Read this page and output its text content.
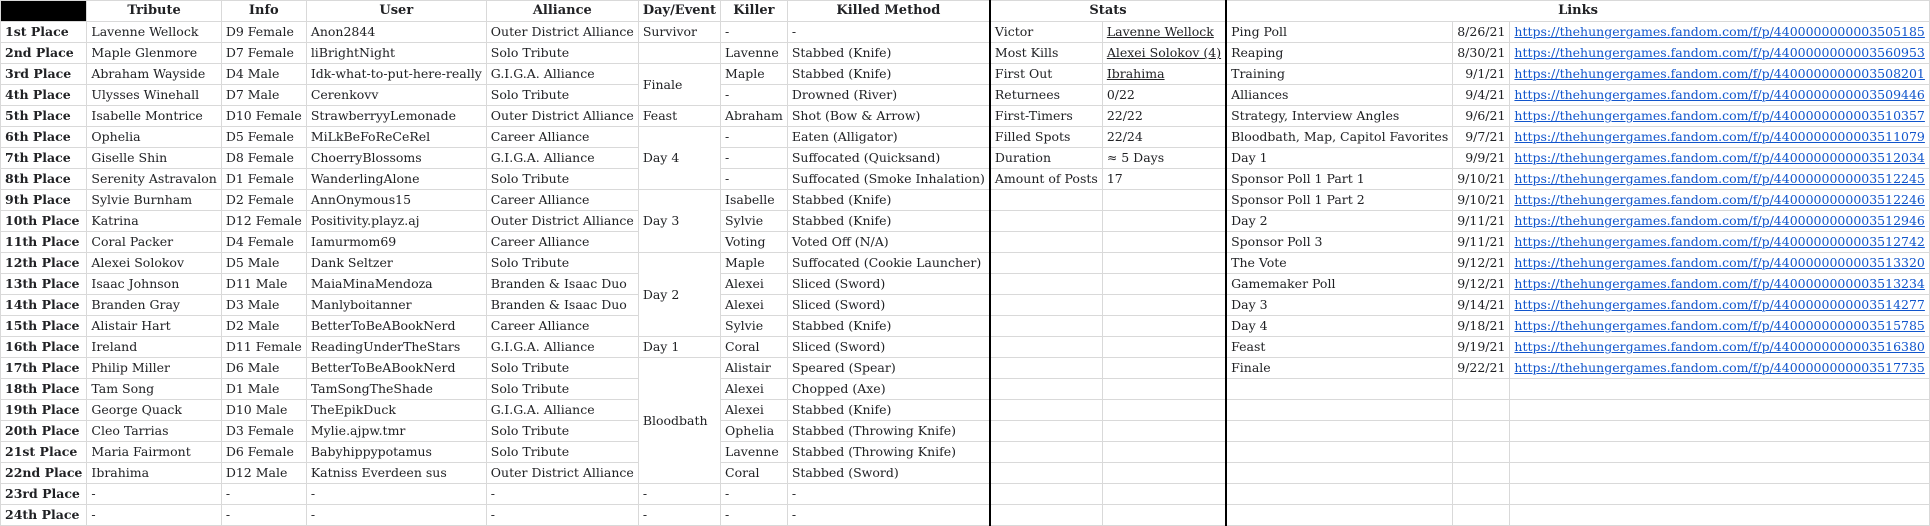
	Tribute	Info	User	Alliance	Day/Event	Killer	Killed Method	Stats		Links		
1st Place	Lavenne Wellock	D9 Female	Anon2844	Outer District Alliance	Survivor	-	-	Victor	Lavenne Wellock	Ping Poll	8/26/21	https://thehungergames.fandom.com/f/p/4400000000003505185
2nd Place	Maple Glenmore	D7 Female	liBrightNight	Solo Tribute		Lavenne	Stabbed (Knife)	Most Kills	Alexei Solokov (4)	Reaping	8/30/21	https://thehungergames.fandom.com/f/p/4400000000003560953
3rd Place	Abraham Wayside	D4 Male	Idk-what-to-put-here-really	G.I.G.A. Alliance	Finale	Maple	Stabbed (Knife)	First Out	Ibrahima	Training	9/1/21	https://thehungergames.fandom.com/f/p/4400000000003508201
4th Place	Ulysses Winehall	D7 Male	Cerenkovv	Solo Tribute		-	Drowned (River)	Returnees	0/22	Alliances	9/4/21	https://thehungergames.fandom.com/f/p/4400000000003509446
5th Place	Isabelle Montrice	D10 Female	StrawberryyLemonade	Outer District Alliance	Feast	Abraham	Shot (Bow & Arrow)	First-Timers	22/22	Strategy, Interview Angles	9/6/21	https://thehungergames.fandom.com/f/p/4400000000003510357
6th Place	Ophelia	D5 Female	MiLkBeFoReCeRel	Career Alliance	Day 4	-	Eaten (Alligator)	Filled Spots	22/24	Bloodbath, Map, Capitol Favorites	9/7/21	https://thehungergames.fandom.com/f/p/4400000000003511079
7th Place	Giselle Shin	D8 Female	ChoerryBlossoms	G.I.G.A. Alliance		-	Suffocated (Quicksand)	Duration	≈ 5 Days	Day 1	9/9/21	https://thehungergames.fandom.com/f/p/4400000000003512034
8th Place	Serenity Astravalon	D1 Female	WanderlingAlone	Solo Tribute		-	Suffocated (Smoke Inhalation)	Amount of Posts	17	Sponsor Poll 1 Part 1	9/10/21	https://thehungergames.fandom.com/f/p/4400000000003512245
9th Place	Sylvie Burnham	D2 Female	AnnOnymous15	Career Alliance	Day 3	Isabelle	Stabbed (Knife)			Sponsor Poll 1 Part 2	9/10/21	https://thehungergames.fandom.com/f/p/4400000000003512246
10th Place	Katrina	D12 Female	Positivity.playz.aj	Outer District Alliance		Sylvie	Stabbed (Knife)			Day 2	9/11/21	https://thehungergames.fandom.com/f/p/4400000000003512946
11th Place	Coral Packer	D4 Female	Iamurmom69	Career Alliance		Voting	Voted Off (N/A)			Sponsor Poll 3	9/11/21	https://thehungergames.fandom.com/f/p/4400000000003512742
12th Place	Alexei Solokov	D5 Male	Dank Seltzer	Solo Tribute	Day 2	Maple	Suffocated (Cookie Launcher)			The Vote	9/12/21	https://thehungergames.fandom.com/f/p/4400000000003513320
13th Place	Isaac Johnson	D11 Male	MaiaMinaMendoza	Branden & Isaac Duo		Alexei	Sliced (Sword)			Gamemaker Poll	9/12/21	https://thehungergames.fandom.com/f/p/4400000000003513234
14th Place	Branden Gray	D3 Male	Manlyboitanner	Branden & Isaac Duo		Alexei	Sliced (Sword)			Day 3	9/14/21	https://thehungergames.fandom.com/f/p/4400000000003514277
15th Place	Alistair Hart	D2 Male	BetterToBeABookNerd	Career Alliance		Sylvie	Stabbed (Knife)			Day 4	9/18/21	https://thehungergames.fandom.com/f/p/4400000000003515785
16th Place	Ireland	D11 Female	ReadingUnderTheStars	G.I.G.A. Alliance	Day 1	Coral	Sliced (Sword)			Feast	9/19/21	https://thehungergames.fandom.com/f/p/4400000000003516380
17th Place	Philip Miller	D6 Male	BetterToBeABookNerd	Solo Tribute	Bloodbath	Alistair	Speared (Spear)			Finale	9/22/21	https://thehungergames.fandom.com/f/p/4400000000003517735
18th Place	Tam Song	D1 Male	TamSongTheShade	Solo Tribute		Alexei	Chopped (Axe)					
19th Place	George Quack	D10 Male	TheEpikDuck	G.I.G.A. Alliance		Alexei	Stabbed (Knife)					
20th Place	Cleo Tarrias	D3 Female	Mylie.ajpw.tmr	Solo Tribute		Ophelia	Stabbed (Throwing Knife)					
21st Place	Maria Fairmont	D6 Female	Babyhippypotamus	Solo Tribute		Lavenne	Stabbed (Throwing Knife)					
22nd Place	Ibrahima	D12 Male	Katniss Everdeen sus	Outer District Alliance		Coral	Stabbed (Sword)					
23rd Place	-	-	-	-	-	-	-					
24th Place	-	-	-	-	-	-	-					
